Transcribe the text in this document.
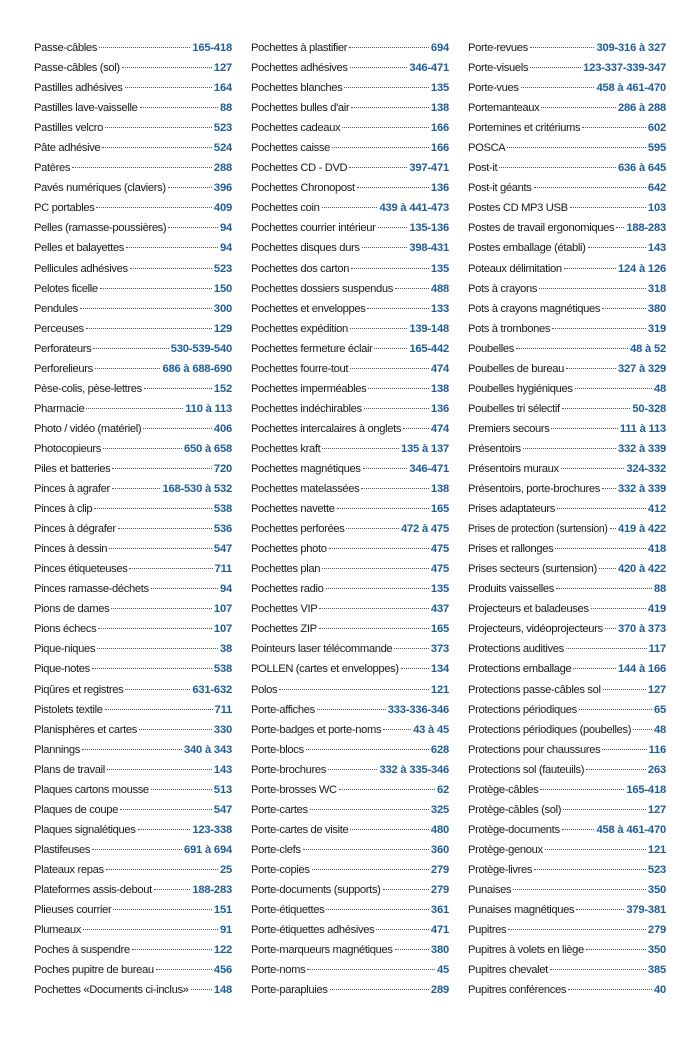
Passe-câbles	165-418
Passe-câbles (sol)	127
Pastilles adhésives	164
Pastilles lave-vaisselle	88
Pastilles velcro	523
Pâte adhésive	524
Patères	288
Pavés numériques (claviers)	396
PC portables	409
Pelles (ramasse-poussières)	94
Pelles et balayettes	94
Pellicules adhésives	523
Pelotes ficelle	150
Pendules	300
Perceuses	129
Perforateurs	530-539-540
Perforelieurs	686 à 688-690
Pèse-colis, pèse-lettres	152
Pharmacie	110 à 113
Photo / vidéo (matériel)	406
Photocopieurs	650 à 658
Piles et batteries	720
Pinces à agrafer	168-530 à 532
Pinces à clip	538
Pinces à dégrafer	536
Pinces à dessin	547
Pinces étiqueteuses	711
Pinces ramasse-déchets	94
Pions de dames	107
Pions échecs	107
Pique-niques	38
Pique-notes	538
Piqûres et registres	631-632
Pistolets textile	711
Planisphères et cartes	330
Plannings	340 à 343
Plans de travail	143
Plaques cartons mousse	513
Plaques de coupe	547
Plaques signalétiques	123-338
Plastifeuses	691 à 694
Plateaux repas	25
Plateformes assis-debout	188-283
Plieuses courrier	151
Plumeaux	91
Poches à suspendre	122
Poches pupitre de bureau	456
Pochettes «Documents ci-inclus» 148
Pochettes à plastifier	694
Pochettes adhésives	346-471
Pochettes blanches	135
Pochettes bulles d'air	138
Pochettes cadeaux	166
Pochettes caisse	166
Pochettes CD - DVD	397-471
Pochettes Chronopost	136
Pochettes coin	439 à 441-473
Pochettes courrier intérieur	135-136
Pochettes disques durs	398-431
Pochettes dos carton	135
Pochettes dossiers suspendus	488
Pochettes et enveloppes	133
Pochettes expédition	139-148
Pochettes fermeture éclair	165-442
Pochettes fourre-tout	474
Pochettes imperméables	138
Pochettes indéchirables	136
Pochettes intercalaires à onglets	474
Pochettes kraft	135 à 137
Pochettes magnétiques	346-471
Pochettes matelassées	138
Pochettes navette	165
Pochettes perforées	472 à 475
Pochettes photo	475
Pochettes plan	475
Pochettes radio	135
Pochettes VIP	437
Pochettes ZIP	165
Pointeurs laser télécommande	373
POLLEN (cartes et enveloppes)	134
Polos	121
Porte-affiches	333-336-346
Porte-badges et porte-noms	43 à 45
Porte-blocs	628
Porte-brochures	332 à 335-346
Porte-brosses WC	62
Porte-cartes	325
Porte-cartes de visite	480
Porte-clefs	360
Porte-copies	279
Porte-documents (supports)	279
Porte-étiquettes	361
Porte-étiquettes adhésives	471
Porte-marqueurs magnétiques	380
Porte-noms	45
Porte-parapluies	289
Porte-revues	309-316 à 327
Porte-visuels	123-337-339-347
Porte-vues	458 à 461-470
Portemanteaux	286 à 288
Portemines et critériums	602
POSCA	595
Post-it	636 à 645
Post-it géants	642
Postes CD MP3 USB	103
Postes de travail ergonomiques 188-283
Postes emballage (établi)	143
Poteaux délimitation	124 à 126
Pots à crayons	318
Pots à crayons magnétiques	380
Pots à trombones	319
Poubelles	48 à 52
Poubelles de bureau	327 à 329
Poubelles hygiéniques	48
Poubelles tri sélectif	50-328
Premiers secours	111 à 113
Présentoirs	332 à 339
Présentoirs muraux	324-332
Présentoirs, porte-brochures 332 à 339
Prises adaptateurs	412
Prises de protection (surtension) 419 à 422
Prises et rallonges	418
Prises secteurs (surtension) 420 à 422
Produits vaisselles	88
Projecteurs et baladeuses	419
Projecteurs, vidéoprojecteurs 370 à 373
Protections auditives	117
Protections emballage	144 à 166
Protections passe-câbles sol	127
Protections périodiques	65
Protections périodiques (poubelles) 48
Protections pour chaussures	116
Protections sol (fauteuils)	263
Protège-câbles	165-418
Protège-câbles (sol)	127
Protège-documents	458 à 461-470
Protège-genoux	121
Protège-livres	523
Punaises	350
Punaises magnétiques	379-381
Pupitres	279
Pupitres à volets en liège	350
Pupitres chevalet	385
Pupitres conférences	40
